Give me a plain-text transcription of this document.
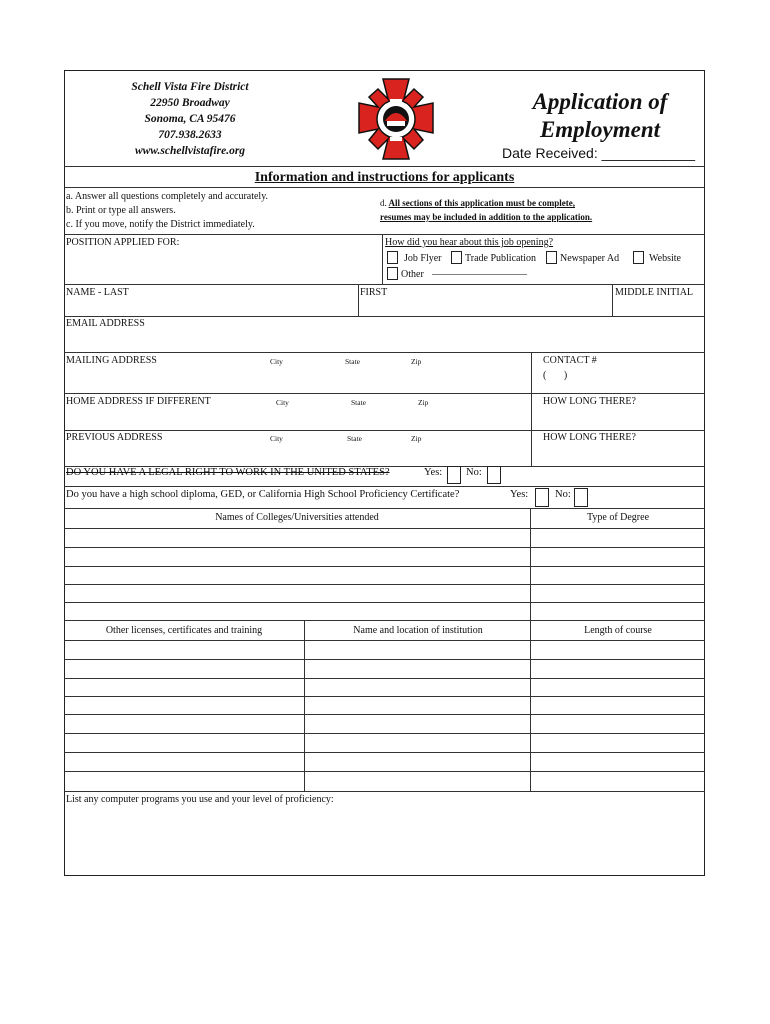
Schell Vista Fire District
22950 Broadway
Sonoma, CA 95476
707.938.2633
www.schellvistafire.org
Application of
Employment
Date Received: ____________
Information and instructions for applicants
a. Answer all questions completely and accurately.
b. Print or type all answers.
c. If you move, notify the District immediately.
d. All sections of this application must be complete,
resumes may be included in addition to the application.
POSITION APPLIED FOR:	How did you hear about this job opening?
Job Flyer Trade Publication Newspaper Ad	Website
Other ___________________
NAME - LAST	FIRST	MIDDLE INITIAL
EMAIL ADDRESS
MAILING ADDRESS	City	State	Zip	CONTACT #
(       )
HOME ADDRESS IF DIFFERENT	City	State	Zip	HOW LONG THERE?
PREVIOUS ADDRESS	City	State	Zip	HOW LONG THERE?
DO YOU HAVE A LEGAL RIGHT TO WORK IN THE UNITED STATES?	Yes: No:
Do you have a high school diploma, GED, or California High School Proficiency Certificate?	Yes:	No:
Names of Colleges/Universities attended	Type of Degree
Other licenses, certificates and training	Name and location of institution	Length of course
List any computer programs you use and your level of proficiency:
